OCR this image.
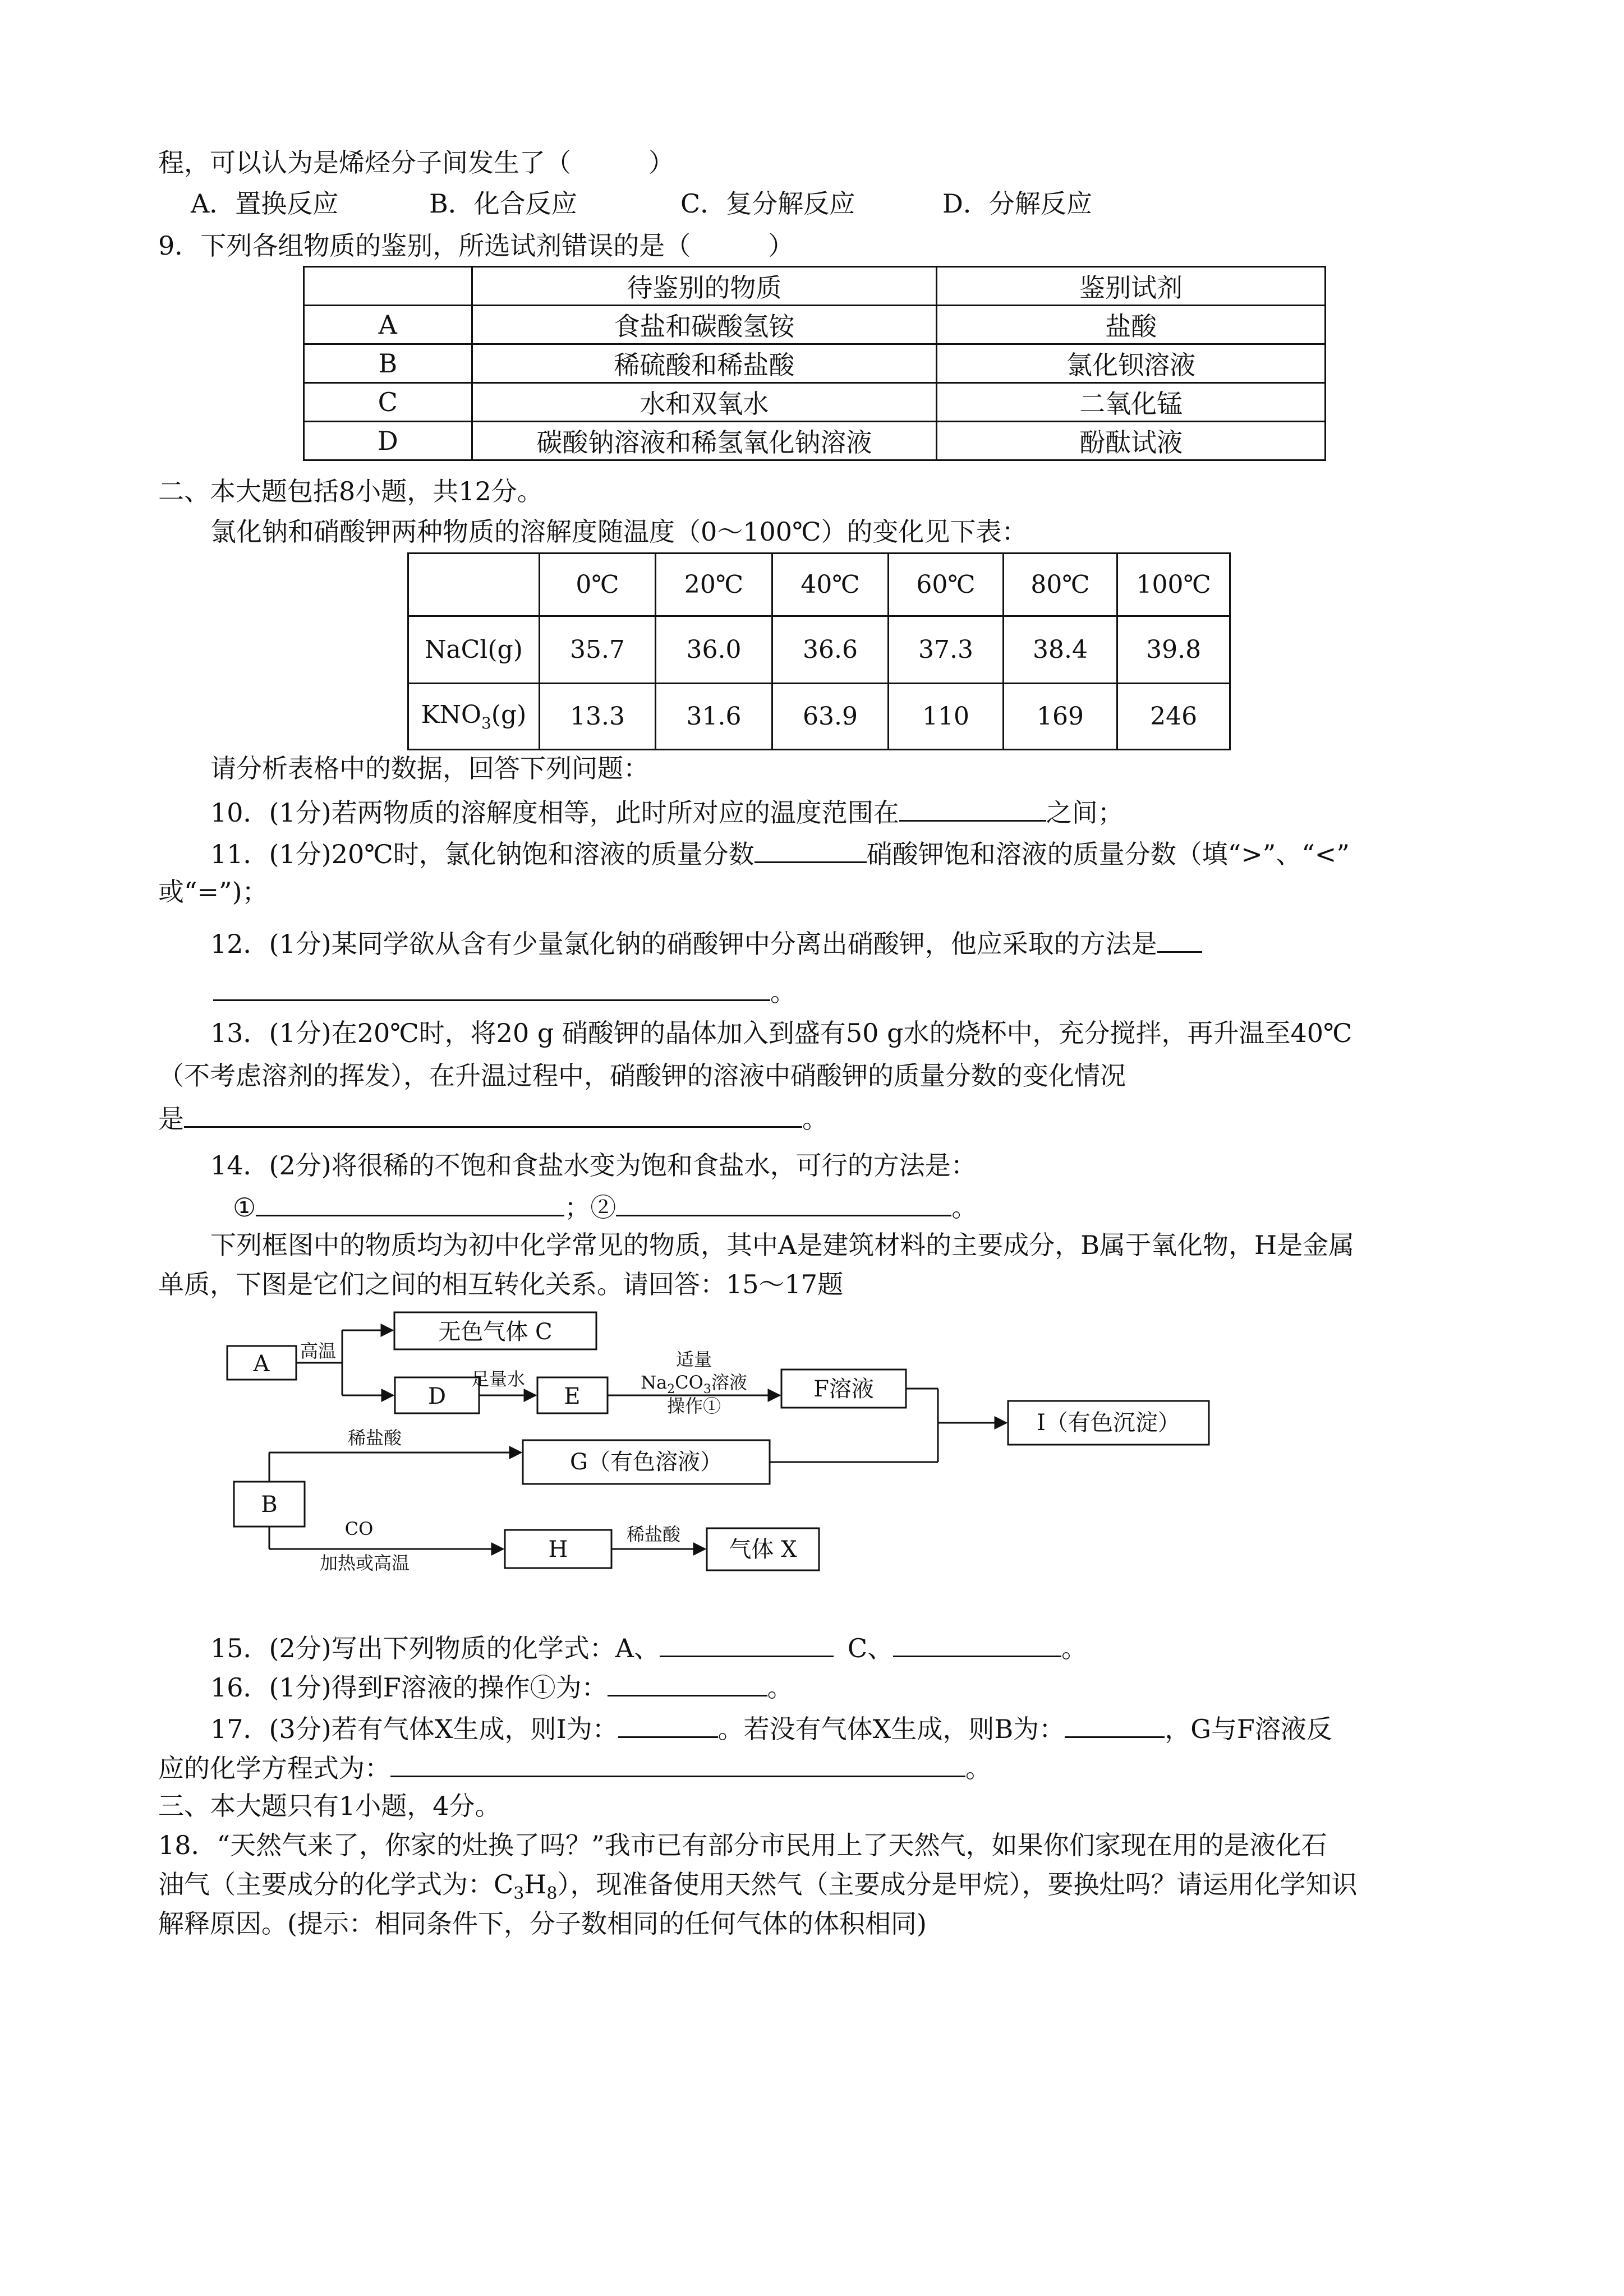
程，可以认为是烯烃分子间发生了（　　　）
A．置换反应	B．化合反应	C．复分解反应	D．分解反应
9．下列各组物质的鉴别，所选试剂错误的是（　　　）
	待鉴别的物质	鉴别试剂
A	食盐和碳酸氢铵	盐酸
B	稀硫酸和稀盐酸	氯化钡溶液
C	水和双氧水	二氧化锰
D	碳酸钠溶液和稀氢氧化钠溶液	酚酞试液
二、本大题包括8小题，共12分。
氯化钠和硝酸钾两种物质的溶解度随温度（0～100℃）的变化见下表：
	0℃	20℃	40℃	60℃	80℃	100℃
NaCl(g)	35.7	36.0	36.6	37.3	38.4	39.8
$KNO_3(g)$	13.3	31.6	63.9	110	169	246
请分析表格中的数据，回答下列问题：
10．(1分)若两物质的溶解度相等，此时所对应的温度范围在	之间；
11．(1分)20℃时，氯化钠饱和溶液的质量分数	硝酸钾饱和溶液的质量分数（填“>”、“<”
或“=”)；
12．(1分)某同学欲从含有少量氯化钠的硝酸钾中分离出硝酸钾，他应采取的方法是
。
13．(1分)在20℃时，将20 g 硝酸钾的晶体加入到盛有50 g水的烧杯中，充分搅拌，再升温至40℃
（不考虑溶剂的挥发），在升温过程中，硝酸钾的溶液中硝酸钾的质量分数的变化情况
是	。
14．(2分)将很稀的不饱和食盐水变为饱和食盐水，可行的方法是：
①	；②	。
下列框图中的物质均为初中化学常见的物质，其中A是建筑材料的主要成分，B属于氧化物，H是金属
单质，下图是它们之间的相互转化关系。请回答：15～17题
A
无色气体 C
D	E	F溶液
I（有色沉淀）
G（有色溶液）
B
H	气体 X
高温
足量水
适量
$Na_2CO_3$溶液
操作①
稀盐酸
CO
加热或高温
稀盐酸
15．(2分)写出下列物质的化学式：A、	C、	。
16．(1分)得到F溶液的操作①为：	。
17．(3分)若有气体X生成，则I为：	。若没有气体X生成，则B为：	，G与F溶液反
应的化学方程式为：	。
三、本大题只有1小题，4分。
18．“天然气来了，你家的灶换了吗？”我市已有部分市民用上了天然气，如果你们家现在用的是液化石
油气（主要成分的化学式为：$C_3H_8$），现准备使用天然气（主要成分是甲烷），要换灶吗？请运用化学知识
解释原因。(提示：相同条件下，分子数相同的任何气体的体积相同)
